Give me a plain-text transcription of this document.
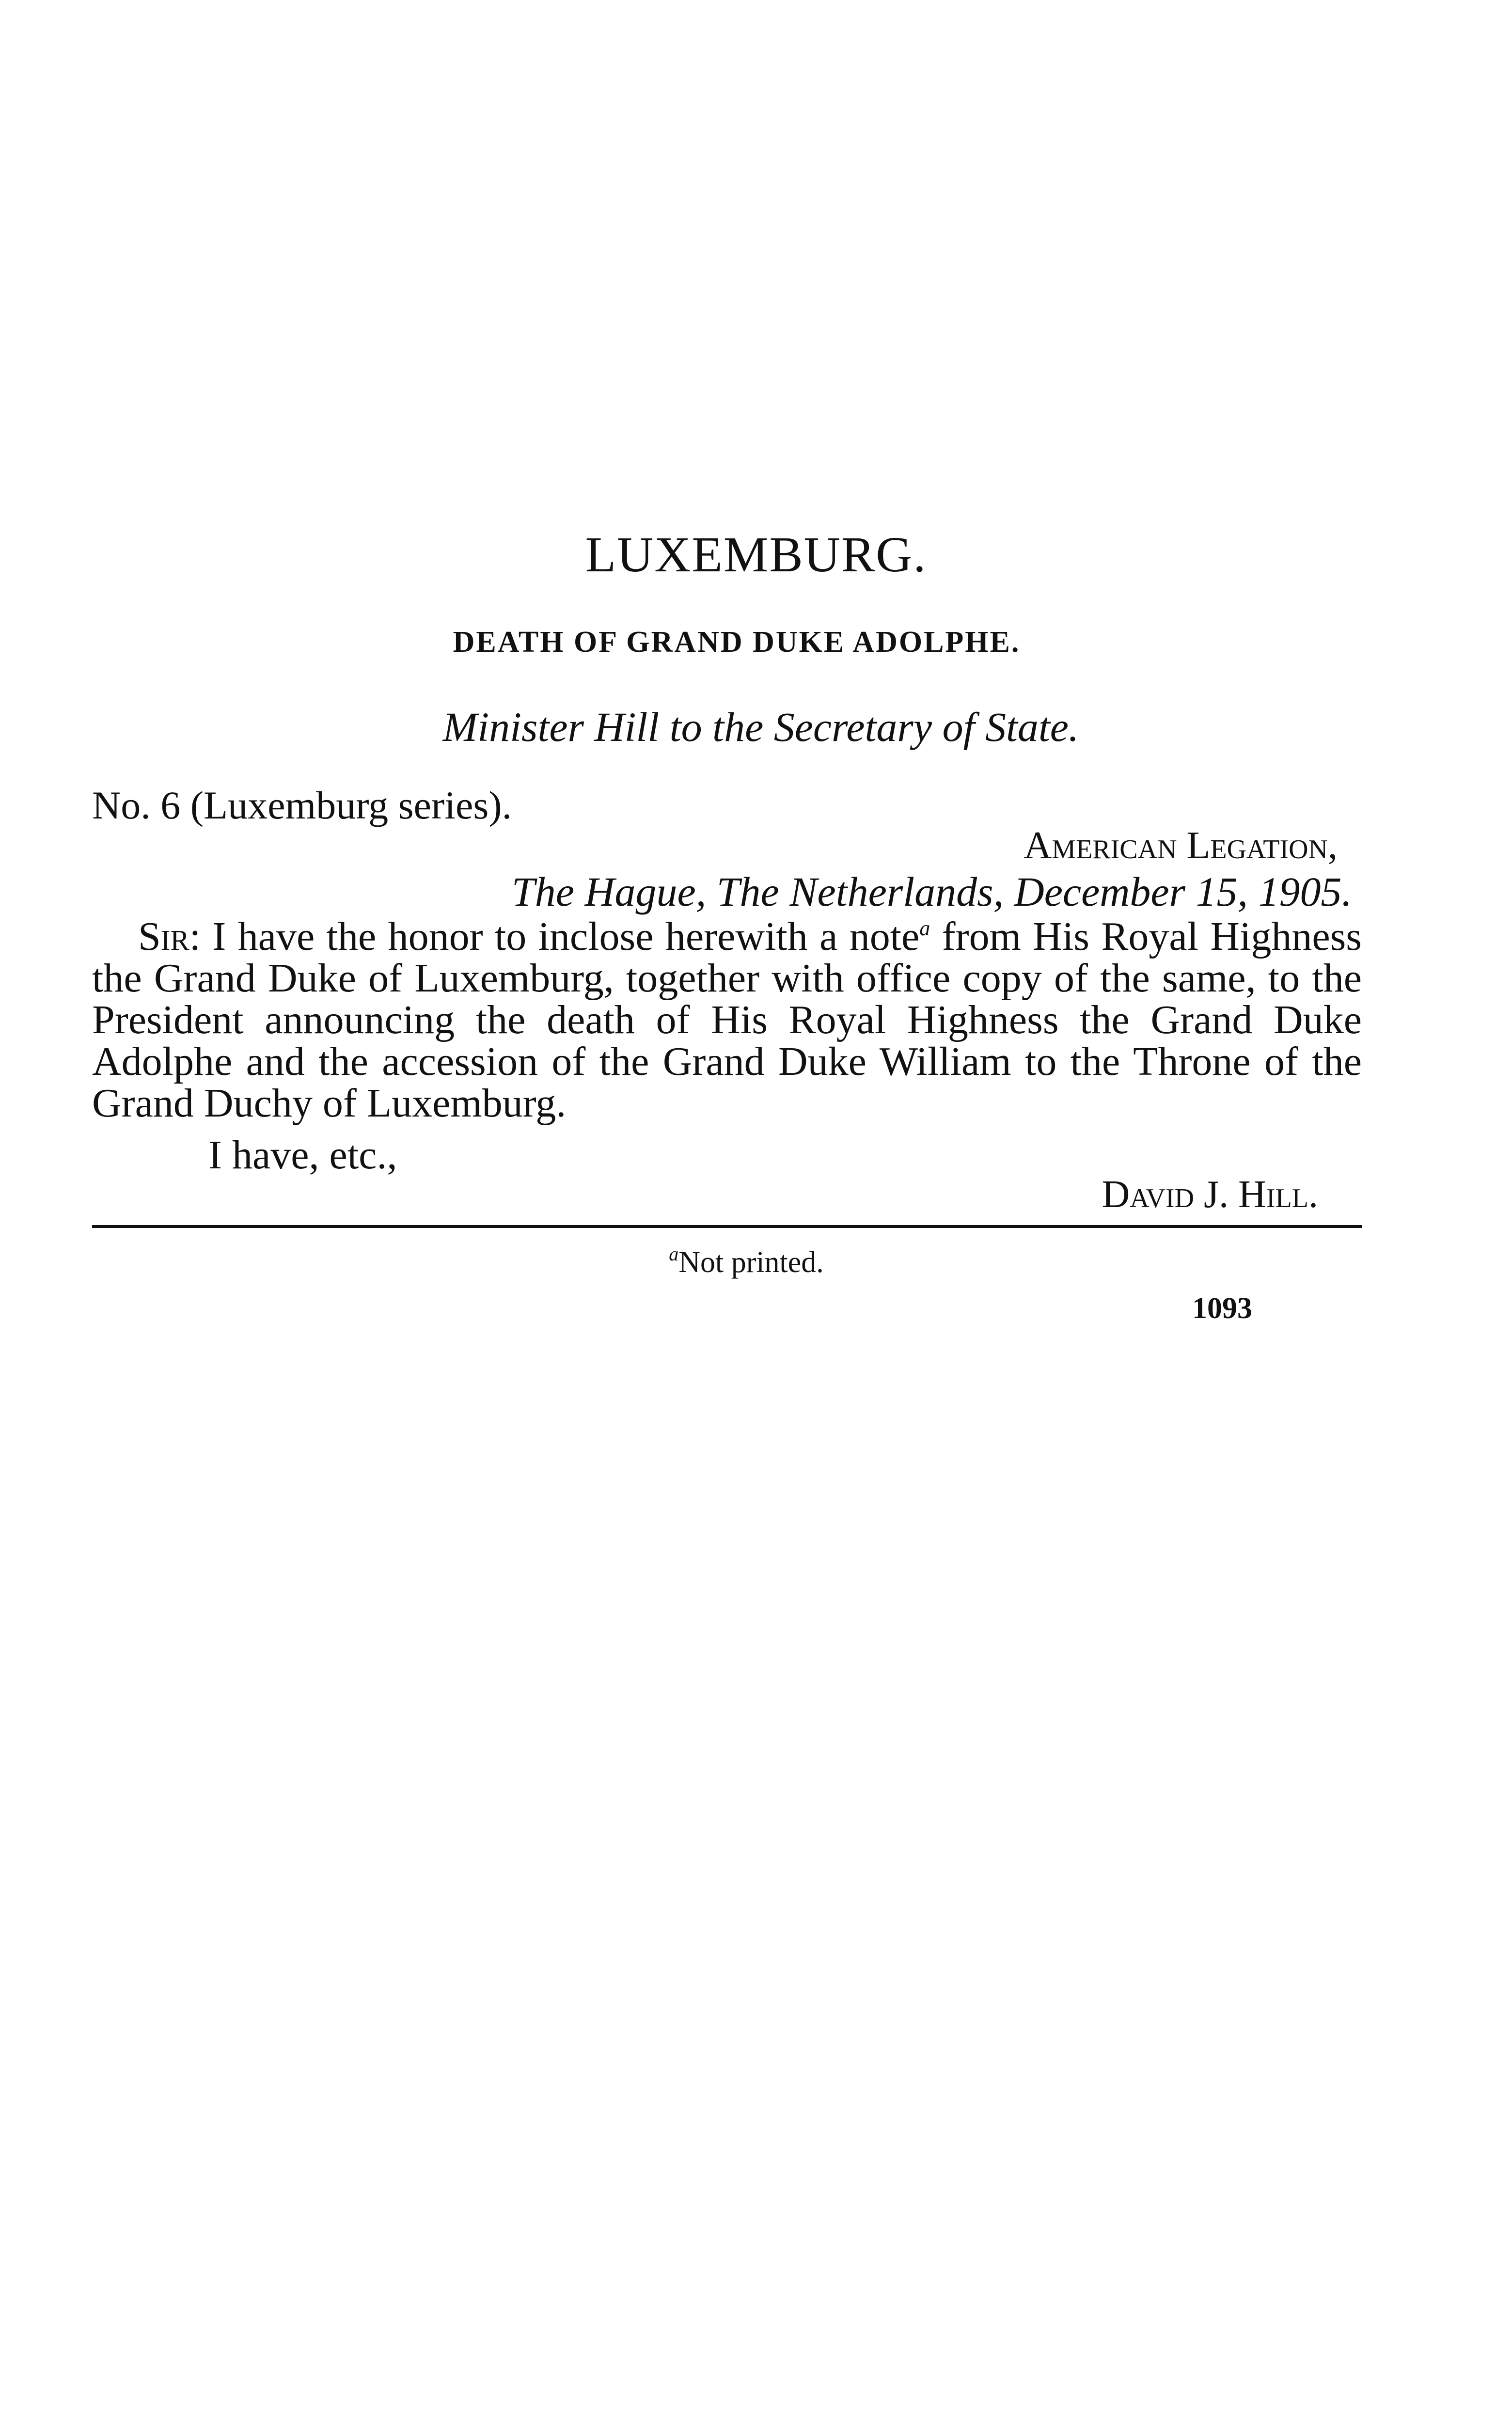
LUXEMBURG.
DEATH OF GRAND DUKE ADOLPHE.
Minister Hill to the Secretary of State.
No. 6 (Luxemburg series).
American Legation,
The Hague, The Netherlands, December 15, 1905.
Sir: I have the honor to inclose herewith a note$^a$ from His Royal Highness the Grand Duke of Luxemburg, together with office copy of the same, to the President announcing the death of His Royal Highness the Grand Duke Adolphe and the accession of the Grand Duke William to the Throne of the Grand Duchy of Luxemburg.
I have, etc.,
David J. Hill.
$^a$Not printed.
1093
